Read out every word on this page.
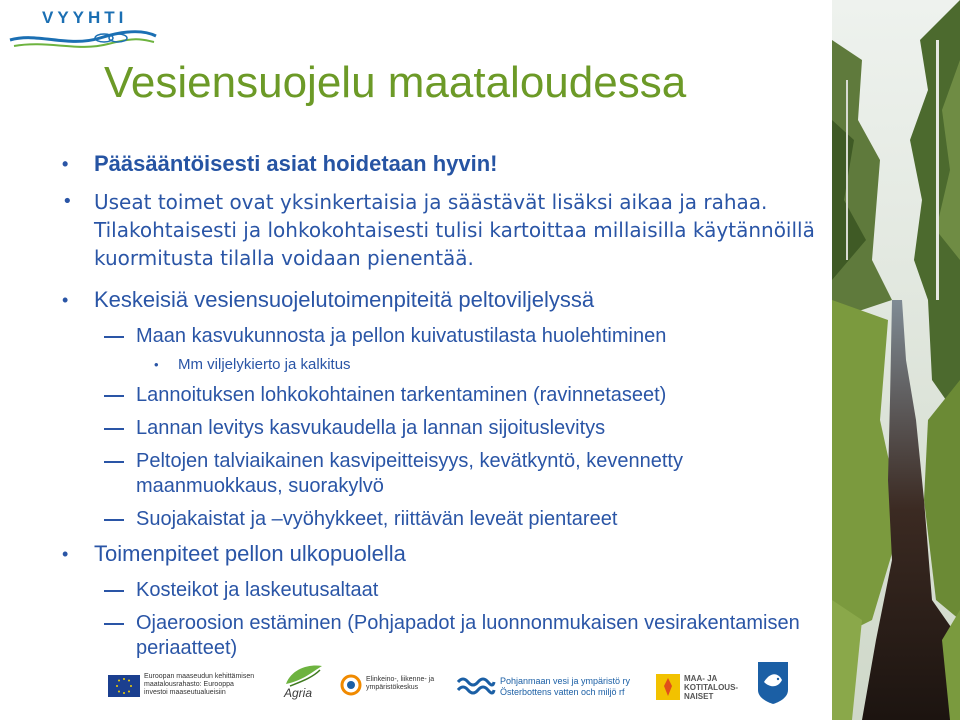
VYYHTI
Vesiensuojelu maataloudessa
• Pääsääntöisesti asiat hoidetaan hyvin!
• Useat toimet ovat yksinkertaisia ja säästävät lisäksi aikaa ja rahaa. Tilakohtaisesti ja lohkokohtaisesti tulisi kartoittaa millaisilla käytännöillä kuormitusta tilalla voidaan pienentää.
• Keskeisiä vesiensuojelutoimenpiteitä peltoviljelyssä
Maan kasvukunnosta ja pellon kuivatustilasta huolehtiminen
• Mm viljelykierto ja kalkitus
Lannoituksen lohkokohtainen tarkentaminen (ravinnetaseet)
Lannan levitys kasvukaudella ja lannan sijoituslevitys
Peltojen talviaikainen kasvipeitteisyys, kevätkyntö, kevennetty maanmuokkaus, suorakylvö
Suojakaistat ja –vyöhykkeet, riittävän leveät pientareet
• Toimenpiteet pellon ulkopuolella
Kosteikot ja laskeutusaltaat
Ojaeroosion estäminen (Pohjapadot ja luonnonmukaisen vesirakentamisen periaatteet)
Euroopan maaseudun kehittämisen maatalousrahasto: Eurooppa investoi maaseutualueisiin	Agria
Elinkeino-, liikenne- ja ympäristökeskus
Pohjanmaan vesi ja ympäristö ry
Österbottens vatten och miljö rf
MAA- JA KOTITALOUS- NAISET
